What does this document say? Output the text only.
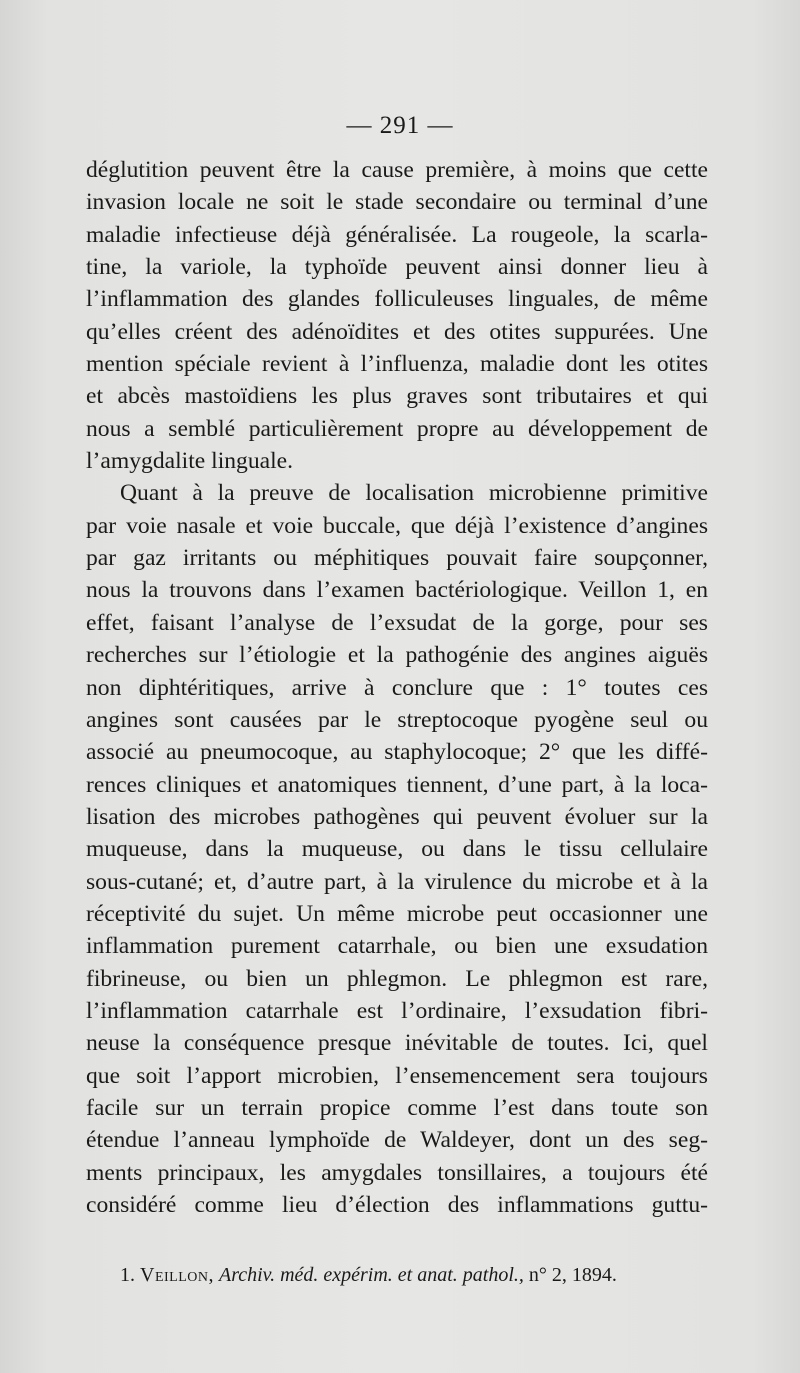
— 291 —
déglutition peuvent être la cause première, à moins que cette
invasion locale ne soit le stade secondaire ou terminal d’une
maladie infectieuse déjà généralisée. La rougeole, la scarla-
tine, la variole, la typhoïde peuvent ainsi donner lieu à
l’inflammation des glandes folliculeuses linguales, de même
qu’elles créent des adénoïdites et des otites suppurées. Une
mention spéciale revient à l’influenza, maladie dont les otites
et abcès mastoïdiens les plus graves sont tributaires et qui
nous a semblé particulièrement propre au développement de
l’amygdalite linguale.
Quant à la preuve de localisation microbienne primitive
par voie nasale et voie buccale, que déjà l’existence d’angines
par gaz irritants ou méphitiques pouvait faire soupçonner,
nous la trouvons dans l’examen bactériologique. Veillon 1, en
effet, faisant l’analyse de l’exsudat de la gorge, pour ses
recherches sur l’étiologie et la pathogénie des angines aiguës
non diphtéritiques, arrive à conclure que : 1° toutes ces
angines sont causées par le streptocoque pyogène seul ou
associé au pneumocoque, au staphylocoque; 2° que les diffé-
rences cliniques et anatomiques tiennent, d’une part, à la loca-
lisation des microbes pathogènes qui peuvent évoluer sur la
muqueuse, dans la muqueuse, ou dans le tissu cellulaire
sous-cutané; et, d’autre part, à la virulence du microbe et à la
réceptivité du sujet. Un même microbe peut occasionner une
inflammation purement catarrhale, ou bien une exsudation
fibrineuse, ou bien un phlegmon. Le phlegmon est rare,
l’inflammation catarrhale est l’ordinaire, l’exsudation fibri-
neuse la conséquence presque inévitable de toutes. Ici, quel
que soit l’apport microbien, l’ensemencement sera toujours
facile sur un terrain propice comme l’est dans toute son
étendue l’anneau lymphoïde de Waldeyer, dont un des seg-
ments principaux, les amygdales tonsillaires, a toujours été
considéré comme lieu d’élection des inflammations guttu-
1. Veillon, Archiv. méd. expérim. et anat. pathol., n° 2, 1894.
